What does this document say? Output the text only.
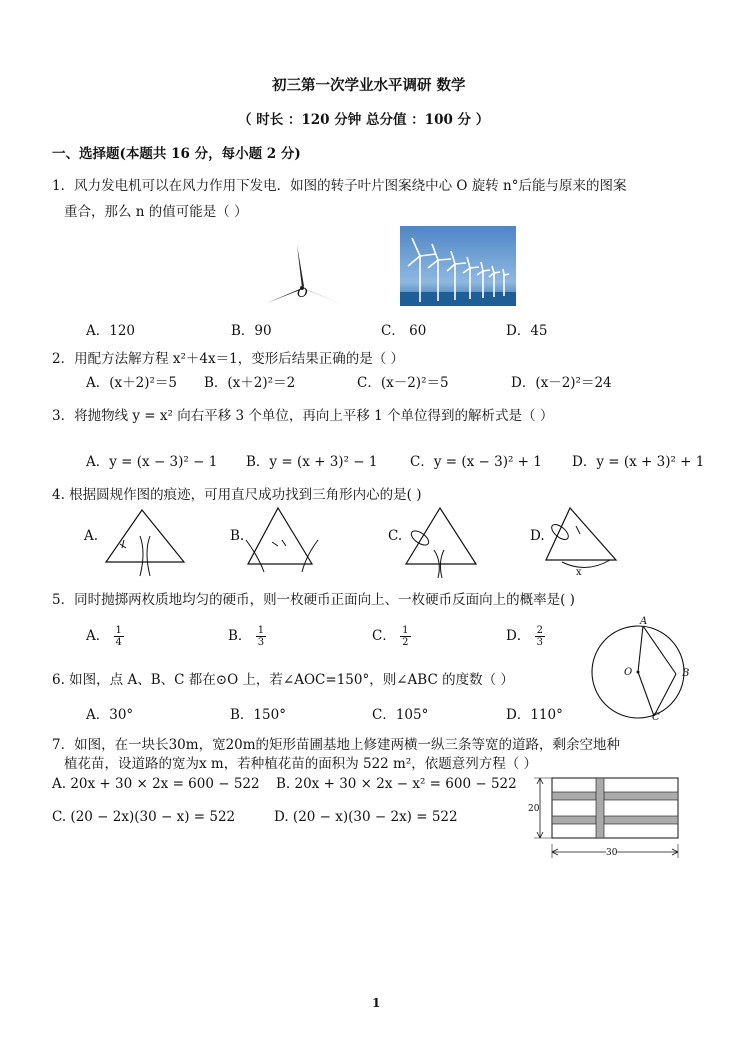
初三第一次学业水平调研 数学
（ 时长 ：120 分钟 总分值 ：100 分 ）
一、选择题(本题共 16 分，每小题 2 分)
1．风力发电机可以在风力作用下发电．如图的转子叶片图案绕中心 O 旋转 n°后能与原来的图案
重合，那么 n 的值可能是（ ）
O
A．120	B．90	C． 60	D．45
2．用配方法解方程 x²＋4x＝1，变形后结果正确的是（ ）
A．(x＋2)²＝5 B．(x＋2)²＝2	C．(x－2)²＝5	D．(x－2)²＝24
3．将抛物线 y = x² 向右平移 3 个单位，再向上平移 1 个单位得到的解析式是（ ）
A．y = (x − 3)² − 1 B．y = (x + 3)² − 1 C．y = (x − 3)² + 1 D．y = (x + 3)² + 1
4. 根据圆规作图的痕迹，可用直尺成功找到三角形内心的是( )
A.	B.	C.	D.
x
5．同时抛掷两枚质地均匀的硬币，则一枚硬币正面向上、一枚硬币反面向上的概率是( )
A． $\frac{1}{4}$	B． $\frac{1}{3}$	C． $\frac{1}{2}$	D． $\frac{2}{3}$
A
B
C
O
6. 如图，点 A、B、C 都在⊙O 上，若∠AOC=150°，则∠ABC 的度数（ ）
A．30°	B．150°	C．105°	D．110°
7．如图，在一块长30m，宽20m的矩形苗圃基地上修建两横一纵三条等宽的道路，剩余空地种
植花苗，设道路的宽为x m，若种植花苗的面积为 522 m²，依题意列方程（ ）
A. 20x + 30 × 2x = 600 − 522 B. 20x + 30 × 2x − x² = 600 − 522
C. (20 − 2x)(30 − x) = 522	D. (20 − x)(30 − 2x) = 522	20
30
1
